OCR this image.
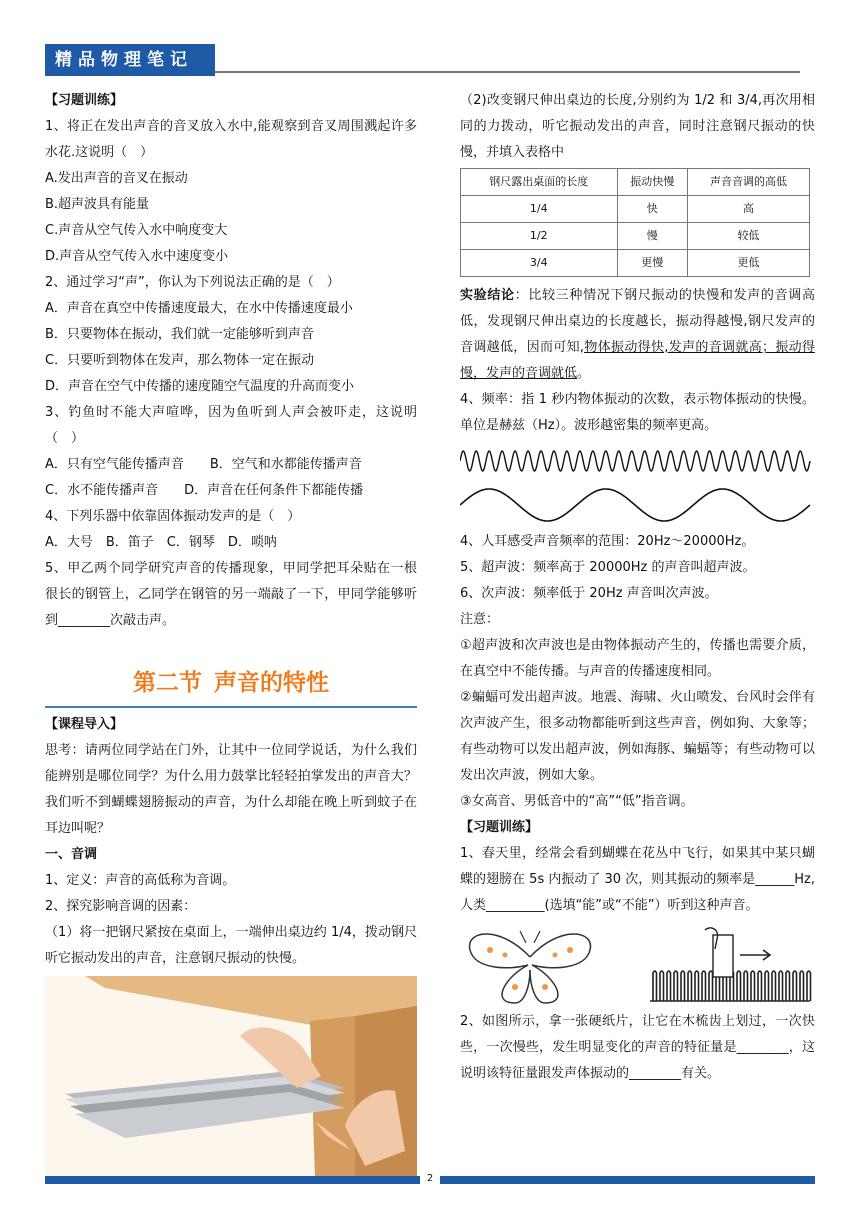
精品物理笔记

【习题训练】

1、将正在发出声音的音叉放入水中,能观察到音叉周围溅起许多水花.这说明（　）

A.发出声音的音叉在振动

B.超声波具有能量

C.声音从空气传入水中响度变大

D.声音从空气传入水中速度变小

2、通过学习“声”，你认为下列说法正确的是（　）

A．声音在真空中传播速度最大，在水中传播速度最小

B．只要物体在振动，我们就一定能够听到声音

C．只要听到物体在发声，那么物体一定在振动

D．声音在空气中传播的速度随空气温度的升高而变小

3、钓鱼时不能大声喧哗，因为鱼听到人声会被吓走，这说明（　）

A．只有空气能传播声音　　B．空气和水都能传播声音

C．水不能传播声音　　D．声音在任何条件下都能传播

4、下列乐器中依靠固体振动发声的是（　）

A．大号　B．笛子　C．钢琴　D．唢呐

5、甲乙两个同学研究声音的传播现象，甲同学把耳朵贴在一根很长的钢管上，乙同学在钢管的另一端敲了一下，甲同学能够听到________次敲击声。

第二节 声音的特性

【课程导入】

思考：请两位同学站在门外，让其中一位同学说话，为什么我们能辨别是哪位同学？为什么用力鼓掌比轻轻拍掌发出的声音大？我们听不到蝴蝶翅膀振动的声音，为什么却能在晚上听到蚊子在耳边叫呢？

一、音调

1、定义：声音的高低称为音调。

2、探究影响音调的因素：

（1）将一把钢尺紧按在桌面上，一端伸出桌边约 1/4，拨动钢尺听它振动发出的声音，注意钢尺振动的快慢。

（2)改变钢尺伸出桌边的长度,分别约为 1/2 和 3/4,再次用相同的力拨动，听它振动发出的声音，同时注意钢尺振动的快慢，并填入表格中

钢尺露出桌面的长度	振动快慢	声音音调的高低
1/4	快	高
1/2	慢	较低
3/4	更慢	更低

实验结论：比较三种情况下钢尺振动的快慢和发声的音调高低，发现钢尺伸出桌边的长度越长，振动得越慢,钢尺发声的音调越低，因而可知,物体振动得快,发声的音调就高；振动得慢，发声的音调就低。

4、频率：指 1 秒内物体振动的次数，表示物体振动的快慢。单位是赫兹（Hz）。波形越密集的频率更高。

4、人耳感受声音频率的范围：20Hz～20000Hz。

5、超声波：频率高于 20000Hz 的声音叫超声波。

6、次声波：频率低于 20Hz 声音叫次声波。

注意：

①超声波和次声波也是由物体振动产生的，传播也需要介质，在真空中不能传播。与声音的传播速度相同。

②蝙蝠可发出超声波。地震、海啸、火山喷发、台风时会伴有次声波产生，很多动物都能听到这些声音，例如狗、大象等；有些动物可以发出超声波，例如海豚、蝙蝠等；有些动物可以发出次声波，例如大象。

③女高音、男低音中的“高”“低”指音调。

【习题训练】

1、春天里，经常会看到蝴蝶在花丛中飞行，如果其中某只蝴蝶的翅膀在 5s 内振动了 30 次，则其振动的频率是______Hz,人类_________(选填“能”或“不能”）听到这种声音。

2、如图所示，拿一张硬纸片，让它在木梳齿上划过，一次快些，一次慢些，发生明显变化的声音的特征量是________，这说明该特征量跟发声体振动的________有关。

2
